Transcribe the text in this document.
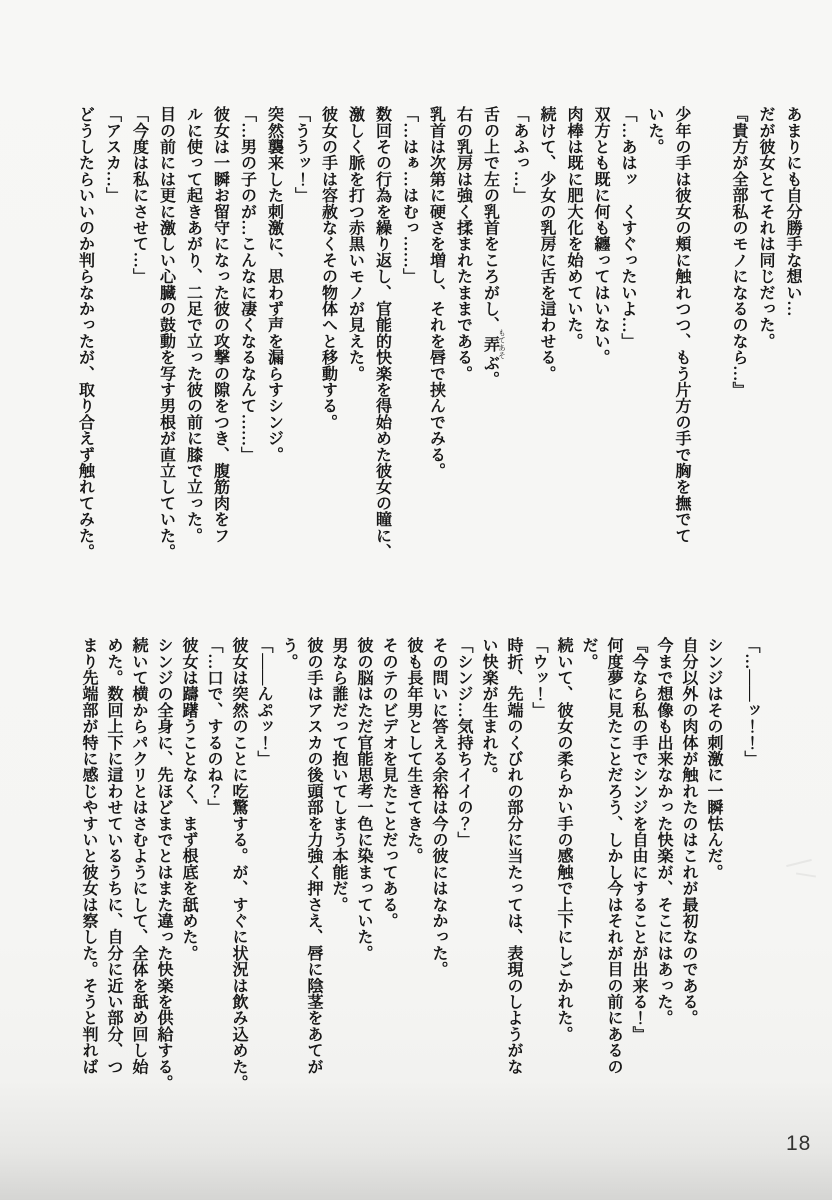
あまりにも自分勝手な想い…
だが彼女とてそれは同じだった。
『貴方が全部私のモノになるのなら…』
少年の手は彼女の頬に触れつつ、もう片方の手で胸を撫でて
いた。
「…あはッ　くすぐったいよ…」
双方とも既に何も纏ってはいない。
肉棒は既に肥大化を始めていた。
続けて、少女の乳房に舌を這わせる。
「あふっ…」
舌の上で左の乳首をころがし、弄 もてあそぶ。
右の乳房は強く揉まれたままである。
乳首は次第に硬さを増し、それを唇で挟んでみる。
「…はぁ…はむっ……」
数回その行為を繰り返し、官能的快楽を得始めた彼女の瞳に、
激しく脈を打つ赤黒いモノが見えた。
彼女の手は容赦なくその物体へと移動する。
「ううッ！」
突然襲来した刺激に、思わず声を漏らすシンジ。
「…男の子のが…こんなに凄くなるなんて……」
彼女は一瞬お留守になった彼の攻撃の隙をつき、腹筋肉をフ
ルに使って起きあがり、二足で立った彼の前に膝で立った。
目の前には更に激しい心臓の鼓動を写す男根が直立していた。
「今度は私にさせて…」
「アスカ…」
どうしたらいいのか判らなかったが、取り合えず触れてみた。
「…――ッ！！」
シンジはその刺激に一瞬怯んだ。
自分以外の肉体が触れたのはこれが最初なのである。
今まで想像も出来なかった快楽が、そこにはあった。
『今なら私の手でシンジを自由にすることが出来る！』
何度夢に見たことだろう、しかし今はそれが目の前にあるの
だ。
続いて、彼女の柔らかい手の感触で上下にしごかれた。
「ウッ！」
時折、先端のくびれの部分に当たっては、表現のしようがな
い快楽が生まれた。
「シンジ…気持ちイイの？」
その問いに答える余裕は今の彼にはなかった。
彼も長年男として生きてきた。
そのテのビデオを見たことだってある。
彼の脳はただ官能思考一色に染まっていた。
男なら誰だって抱いてしまう本能だ。
彼の手はアスカの後頭部を力強く押さえ、唇に陰茎をあてが
う。
「――んぷッ！」
彼女は突然のことに吃驚する。が、すぐに状況は飲み込めた。
「…口で、するのね？」
彼女は躊躇うことなく、まず根底を舐めた。
シンジの全身に、先ほどまでとはまた違った快楽を供給する。
続いて横からパクリとはさむようにして、全体を舐め回し始
めた。数回上下に這わせているうちに、自分に近い部分、つ
まり先端部が特に感じやすいと彼女は察した。そうと判れば
18
